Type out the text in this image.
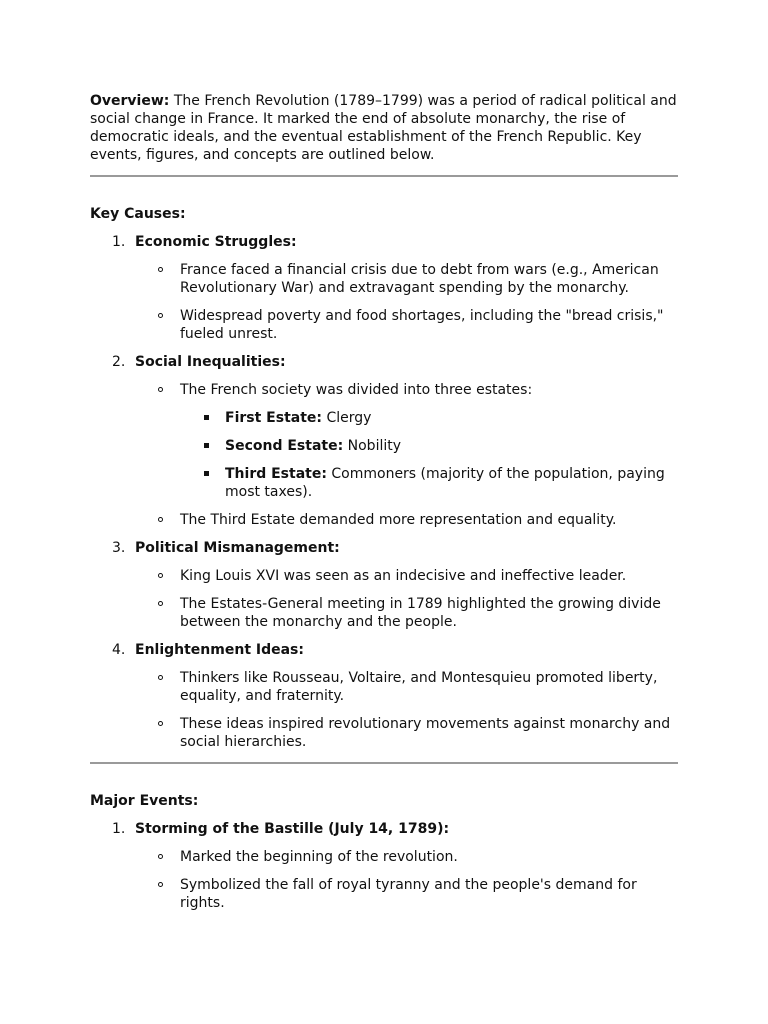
Overview: The French Revolution (1789–1799) was a period of radical political and social change in France. It marked the end of absolute monarchy, the rise of democratic ideals, and the eventual establishment of the French Republic. Key events, figures, and concepts are outlined below.

Key Causes:

1. Economic Struggles:
France faced a financial crisis due to debt from wars (e.g., American Revolutionary War) and extravagant spending by the monarchy.
Widespread poverty and food shortages, including the "bread crisis," fueled unrest.
2. Social Inequalities:
The French society was divided into three estates:
First Estate: Clergy
Second Estate: Nobility
Third Estate: Commoners (majority of the population, paying most taxes).
The Third Estate demanded more representation and equality.
3. Political Mismanagement:
King Louis XVI was seen as an indecisive and ineffective leader.
The Estates-General meeting in 1789 highlighted the growing divide between the monarchy and the people.
4. Enlightenment Ideas:
Thinkers like Rousseau, Voltaire, and Montesquieu promoted liberty, equality, and fraternity.
These ideas inspired revolutionary movements against monarchy and social hierarchies.

Major Events:

1. Storming of the Bastille (July 14, 1789):
Marked the beginning of the revolution.
Symbolized the fall of royal tyranny and the people's demand for rights.
